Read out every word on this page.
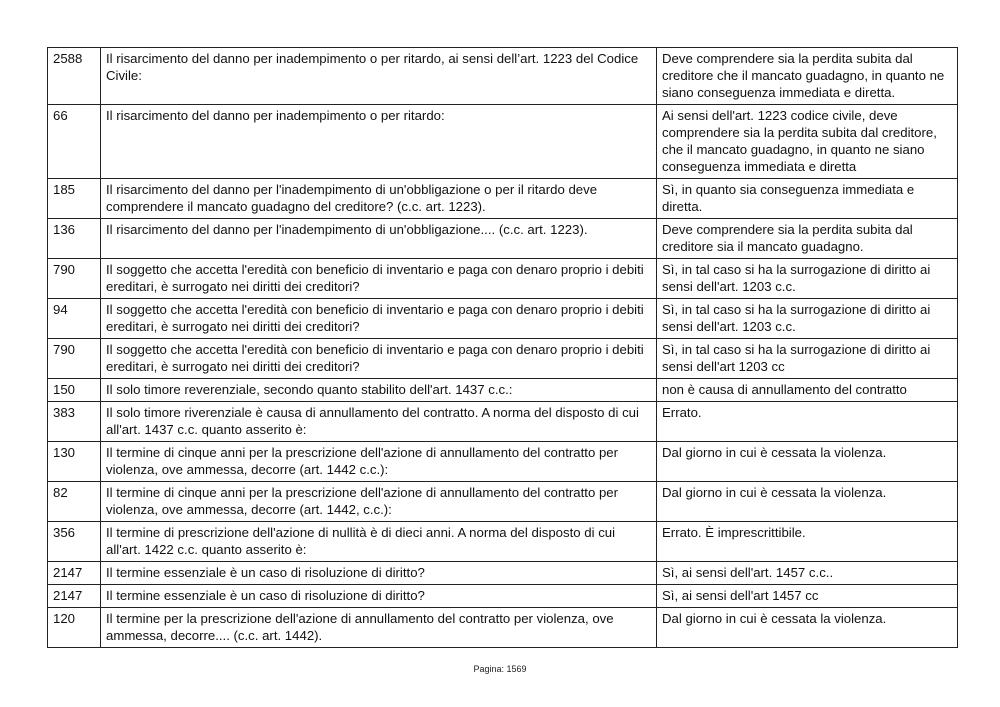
2588	Il risarcimento del danno per inadempimento o per ritardo, ai sensi dell’art. 1223 del Codice Civile:	Deve comprendere sia la perdita subita dal creditore che il mancato guadagno, in quanto ne siano conseguenza immediata e diretta.
66	Il risarcimento del danno per inadempimento o per ritardo:	Ai sensi dell'art. 1223 codice civile, deve comprendere sia la perdita subita dal creditore, che il mancato guadagno, in quanto ne siano conseguenza immediata e diretta
185	Il risarcimento del danno per l'inadempimento di un'obbligazione o per il ritardo deve comprendere il mancato guadagno del creditore? (c.c. art. 1223).	Sì, in quanto sia conseguenza immediata e diretta.
136	Il risarcimento del danno per l'inadempimento di un'obbligazione.... (c.c. art. 1223).	Deve comprendere sia la perdita subita dal creditore sia il mancato guadagno.
790	Il soggetto che accetta l'eredità con beneficio di inventario e paga con denaro proprio i debiti ereditari, è surrogato nei diritti dei creditori?	Sì, in tal caso si ha la surrogazione di diritto ai sensi dell'art. 1203 c.c.
94	Il soggetto che accetta l'eredità con beneficio di inventario e paga con denaro proprio i debiti ereditari, è surrogato nei diritti dei creditori?	Sì, in tal caso si ha la surrogazione di diritto ai sensi dell'art. 1203 c.c.
790	Il soggetto che accetta l'eredità con beneficio di inventario e paga con denaro proprio i debiti ereditari, è surrogato nei diritti dei creditori?	Sì, in tal caso si ha la surrogazione di diritto ai sensi dell'art 1203 cc
150	Il solo timore reverenziale, secondo quanto stabilito dell'art. 1437 c.c.:	non è causa di annullamento del contratto
383	Il solo timore riverenziale è causa di annullamento del contratto. A norma del disposto di cui all'art. 1437 c.c. quanto asserito è:	Errato.
130	Il termine di cinque anni per la prescrizione dell'azione di annullamento del contratto per violenza, ove ammessa, decorre (art. 1442 c.c.):	Dal giorno in cui è cessata la violenza.
82	Il termine di cinque anni per la prescrizione dell'azione di annullamento del contratto per violenza, ove ammessa, decorre (art. 1442, c.c.):	Dal giorno in cui è cessata la violenza.
356	Il termine di prescrizione dell'azione di nullità è di dieci anni. A norma del disposto di cui all'art. 1422 c.c. quanto asserito è:	Errato. È imprescrittibile.
2147	Il termine essenziale è un caso di risoluzione di diritto?	Sì, ai sensi dell'art. 1457 c.c..
2147	Il termine essenziale è un caso di risoluzione di diritto?	Sì, ai sensi dell'art 1457 cc
120	Il termine per la prescrizione dell'azione di annullamento del contratto per violenza, ove ammessa, decorre.... (c.c. art. 1442).	Dal giorno in cui è cessata la violenza.
Pagina: 1569
